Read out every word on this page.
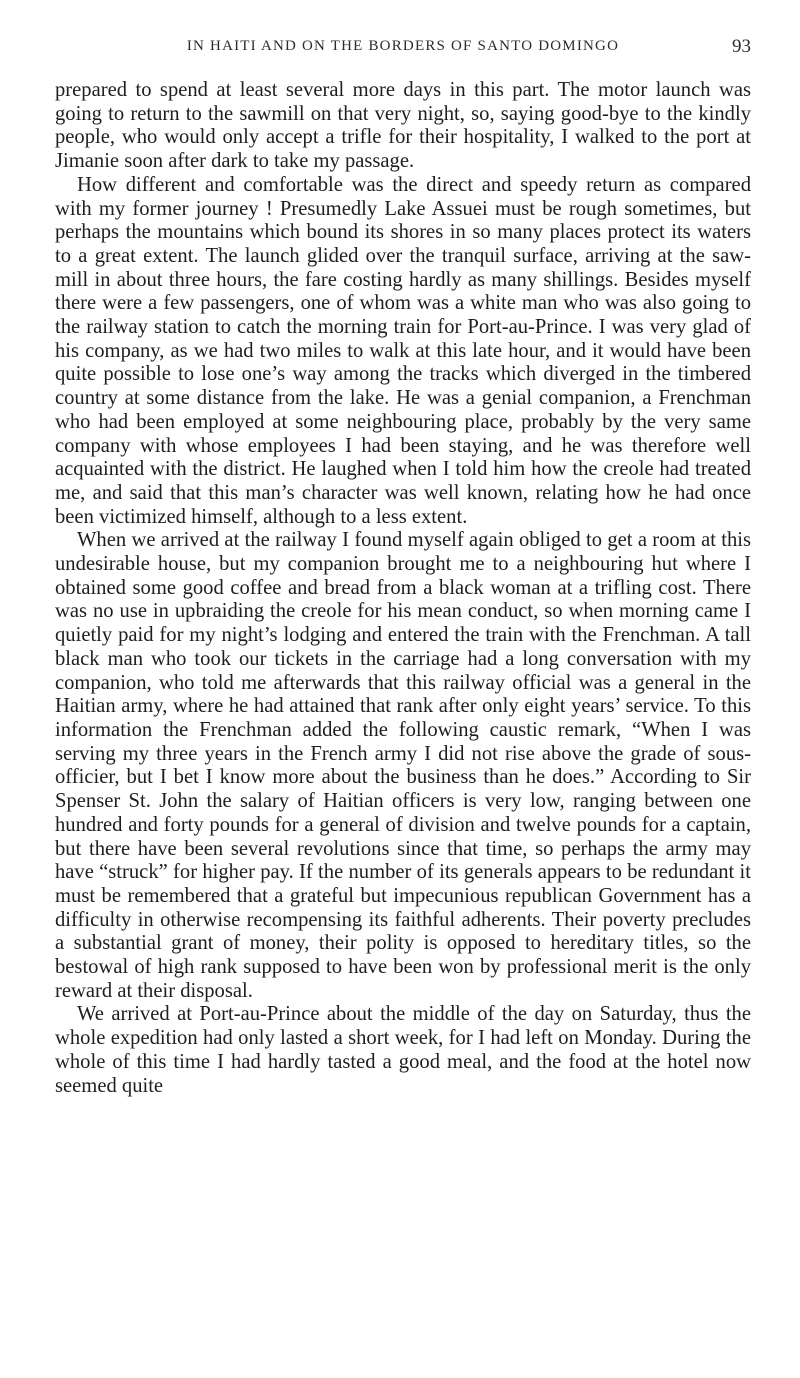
IN HAITI AND ON THE BORDERS OF SANTO DOMINGO	93

prepared to spend at least several more days in this part. The motor launch was going to return to the sawmill on that very night, so, saying good-bye to the kindly people, who would only accept a trifle for their hospitality, I walked to the port at Jimanie soon after dark to take my passage.

How different and comfortable was the direct and speedy return as compared with my former journey ! Presumedly Lake Assuei must be rough sometimes, but perhaps the mountains which bound its shores in so many places protect its waters to a great extent. The launch glided over the tranquil surface, arriving at the saw-mill in about three hours, the fare costing hardly as many shillings. Besides myself there were a few passengers, one of whom was a white man who was also going to the railway station to catch the morning train for Port-au-Prince. I was very glad of his company, as we had two miles to walk at this late hour, and it would have been quite possible to lose one’s way among the tracks which diverged in the timbered country at some distance from the lake. He was a genial companion, a Frenchman who had been employed at some neighbouring place, probably by the very same company with whose employees I had been staying, and he was therefore well acquainted with the district. He laughed when I told him how the creole had treated me, and said that this man’s character was well known, relating how he had once been victimized himself, although to a less extent.

When we arrived at the railway I found myself again obliged to get a room at this undesirable house, but my companion brought me to a neighbouring hut where I obtained some good coffee and bread from a black woman at a trifling cost. There was no use in upbraiding the creole for his mean conduct, so when morning came I quietly paid for my night’s lodging and entered the train with the Frenchman. A tall black man who took our tickets in the carriage had a long conversation with my companion, who told me afterwards that this railway official was a general in the Haitian army, where he had attained that rank after only eight years’ service. To this information the Frenchman added the following caustic remark, “When I was serving my three years in the French army I did not rise above the grade of sous-officier, but I bet I know more about the business than he does.” According to Sir Spenser St. John the salary of Haitian officers is very low, ranging between one hundred and forty pounds for a general of division and twelve pounds for a captain, but there have been several revolutions since that time, so perhaps the army may have “struck” for higher pay. If the number of its generals appears to be redundant it must be remembered that a grateful but impecunious republican Government has a difficulty in otherwise recompensing its faithful adherents. Their poverty precludes a substantial grant of money, their polity is opposed to hereditary titles, so the bestowal of high rank supposed to have been won by professional merit is the only reward at their disposal.

We arrived at Port-au-Prince about the middle of the day on Saturday, thus the whole expedition had only lasted a short week, for I had left on Monday. During the whole of this time I had hardly tasted a good meal, and the food at the hotel now seemed quite
